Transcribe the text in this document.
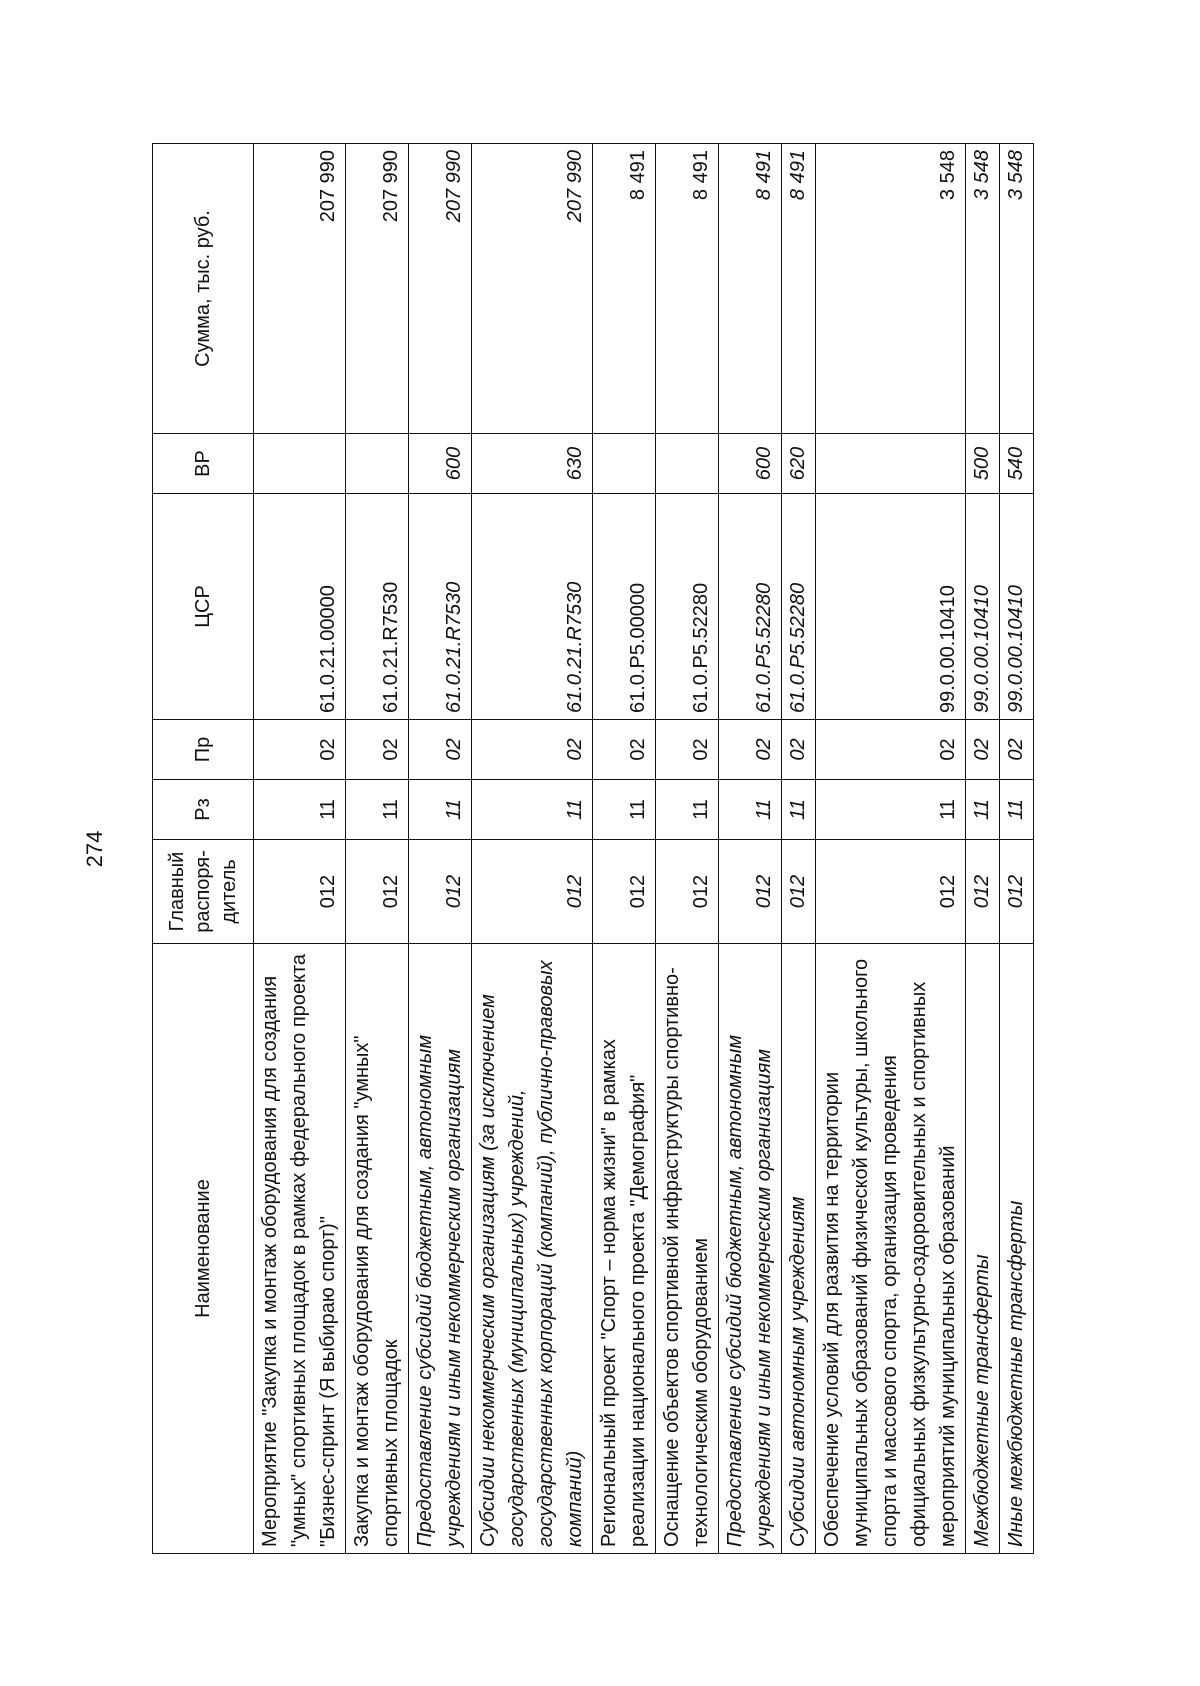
274
Наименование	Главный распоря-дитель	Рз	Пр	ЦСР	ВР	Сумма, тыс. руб.
Мероприятие "Закупка и монтаж оборудования для создания "умных" спортивных площадок в рамках федерального проекта "Бизнес-спринт (Я выбираю спорт)"	012	11	02	61.0.21.00000		207 990
Закупка и монтаж оборудования для создания "умных" спортивных площадок	012	11	02	61.0.21.R7530		207 990
Предоставление субсидий бюджетным, автономным учреждениям и иным некоммерческим организациям	012	11	02	61.0.21.R7530	600	207 990
Субсидии некоммерческим организациям (за исключением государственных (муниципальных) учреждений, государственных корпораций (компаний), публично-правовых компаний)	012	11	02	61.0.21.R7530	630	207 990
Региональный проект "Спорт – норма жизни" в рамках реализации национального проекта "Демография"	012	11	02	61.0.P5.00000		8 491
Оснащение объектов спортивной инфраструктуры спортивно-технологическим оборудованием	012	11	02	61.0.P5.52280		8 491
Предоставление субсидий бюджетным, автономным учреждениям и иным некоммерческим организациям	012	11	02	61.0.P5.52280	600	8 491
Субсидии автономным учреждениям	012	11	02	61.0.P5.52280	620	8 491
Обеспечение условий для развития на территории муниципальных образований физической культуры, школьного спорта и массового спорта, организация проведения официальных физкультурно-оздоровительных и спортивных мероприятий муниципальных образований	012	11	02	99.0.00.10410		3 548
Межбюджетные трансферты	012	11	02	99.0.00.10410	500	3 548
Иные межбюджетные трансферты	012	11	02	99.0.00.10410	540	3 548
